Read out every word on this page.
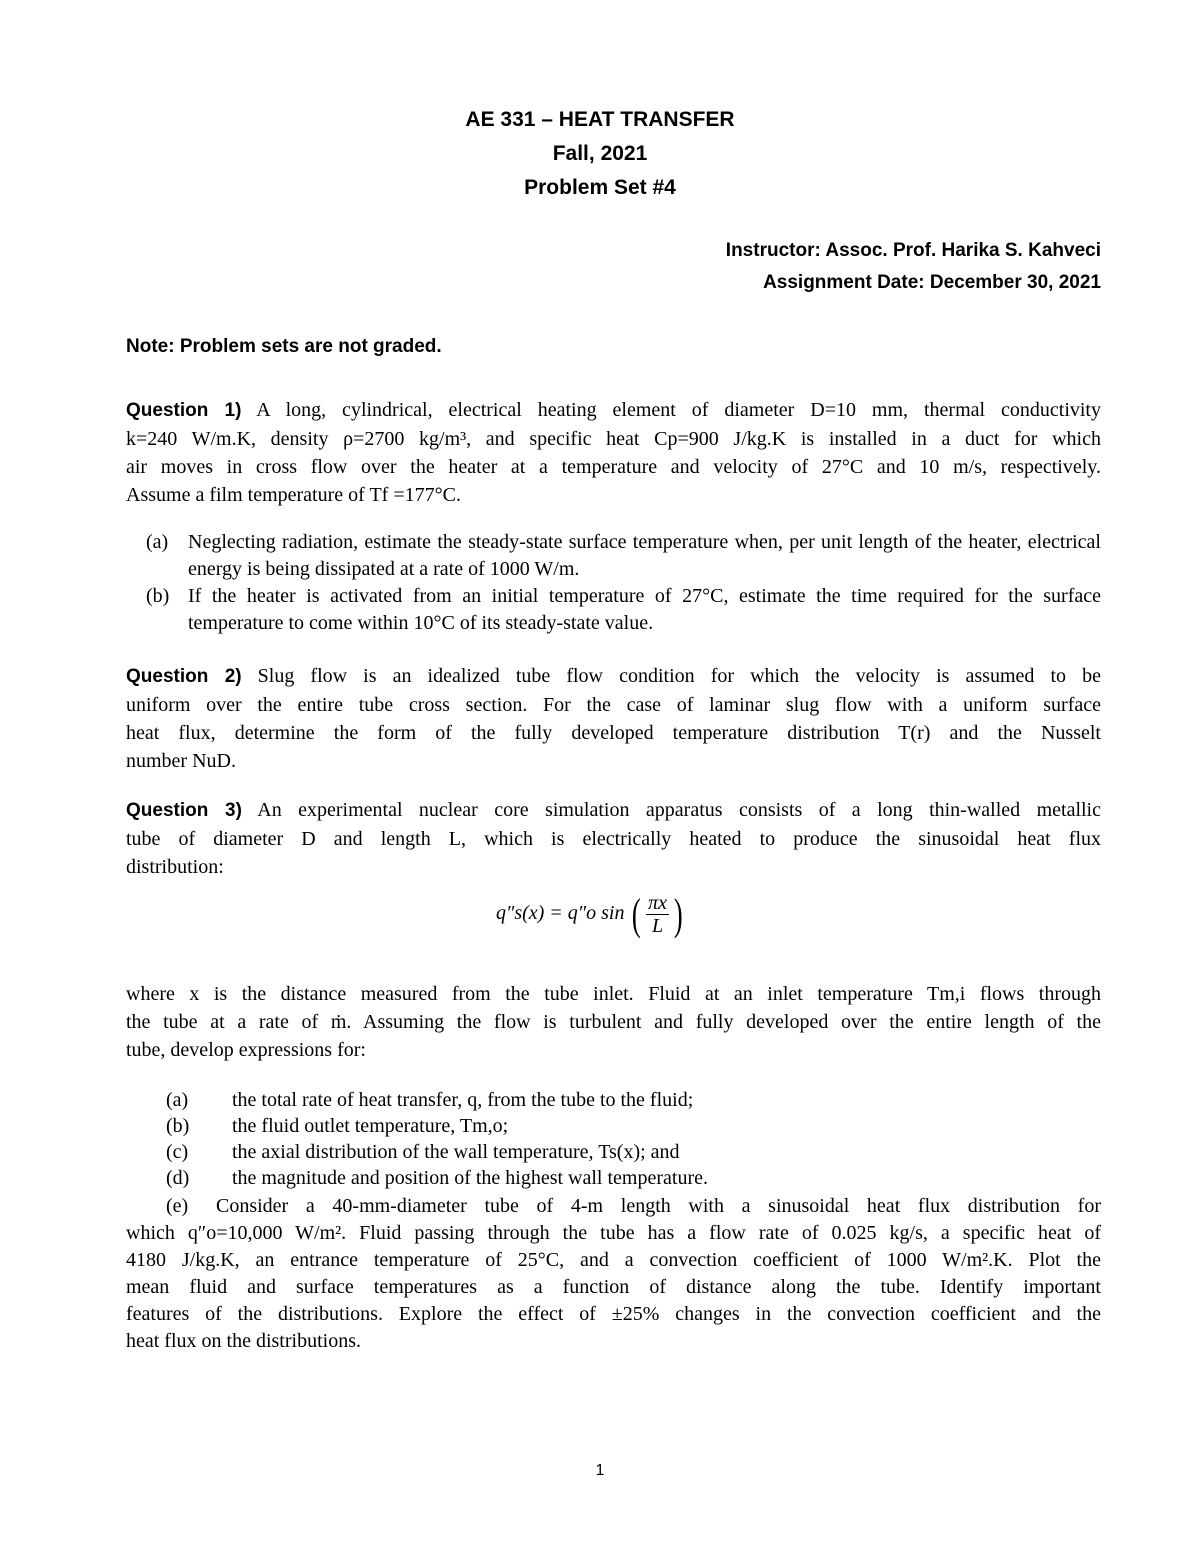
AE 331 – HEAT TRANSFER
Fall, 2021
Problem Set #4
Instructor: Assoc. Prof. Harika S. Kahveci
Assignment Date: December 30, 2021
Note: Problem sets are not graded.
Question 1) A long, cylindrical, electrical heating element of diameter D=10 mm, thermal conductivity
k=240 W/m.K, density ρ=2700 kg/m³, and specific heat Cp=900 J/kg.K is installed in a duct for which
air moves in cross flow over the heater at a temperature and velocity of 27°C and 10 m/s, respectively.
Assume a film temperature of Tf =177°C.
(a) Neglecting radiation, estimate the steady-state surface temperature when, per unit length of the heater, electrical energy is being dissipated at a rate of 1000 W/m.
(b) If the heater is activated from an initial temperature of 27°C, estimate the time required for the surface temperature to come within 10°C of its steady-state value.
Question 2) Slug flow is an idealized tube flow condition for which the velocity is assumed to be
uniform over the entire tube cross section. For the case of laminar slug flow with a uniform surface
heat flux, determine the form of the fully developed temperature distribution T(r) and the Nusselt
number NuD.
Question 3) An experimental nuclear core simulation apparatus consists of a long thin-walled metallic
tube of diameter D and length L, which is electrically heated to produce the sinusoidal heat flux
distribution:
q″s(x) = q″o sin ( $\frac{\pi x}{L}$ )
where x is the distance measured from the tube inlet. Fluid at an inlet temperature Tm,i flows through
the tube at a rate of ṁ. Assuming the flow is turbulent and fully developed over the entire length of the
tube, develop expressions for:
(a) the total rate of heat transfer, q, from the tube to the fluid;
(b) the fluid outlet temperature, Tm,o;
(c) the axial distribution of the wall temperature, Ts(x); and
(d) the magnitude and position of the highest wall temperature.
(e) Consider a 40-mm-diameter tube of 4-m length with a sinusoidal heat flux distribution for
which q″o=10,000 W/m². Fluid passing through the tube has a flow rate of 0.025 kg/s, a specific heat of
4180 J/kg.K, an entrance temperature of 25°C, and a convection coefficient of 1000 W/m².K. Plot the
mean fluid and surface temperatures as a function of distance along the tube. Identify important
features of the distributions. Explore the effect of ±25% changes in the convection coefficient and the
heat flux on the distributions.
1
